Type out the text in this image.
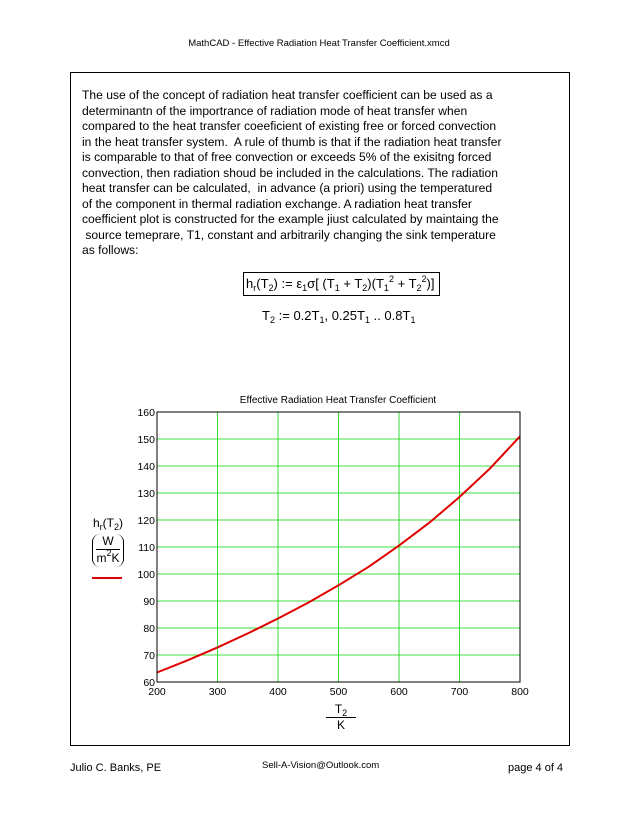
MathCAD - Effective Radiation Heat Transfer Coefficient.xmcd

The use of the concept of radiation heat transfer coefficient can be used as a
determinantn of the importrance of radiation mode of heat transfer when
compared to the heat transfer coeeficient of existing free or forced convection
in the heat transfer system.  A rule of thumb is that if the radiation heat transfer
is comparable to that of free convection or exceeds 5% of the exisitng forced
convection, then radiation shoud be included in the calculations. The radiation
heat transfer can be calculated,  in advance (a priori) using the temperatured
of the component in thermal radiation exchange. A radiation heat transfer
coefficient plot is constructed for the example jiust calculated by maintaing the
source temeprare, T1, constant and arbitrarily changing the sink temperature
as follows:

$h_r(T_2)$ := $\varepsilon_1\sigma$[ $(T_1 + T_2)(T_1^2 + T_2^2)$]
$T_2$ := $0.2T_1$, $0.25T_1$ .. $0.8T_1$
Effective Radiation Heat Transfer Coefficient
200	300	400	500	600	700	800
60
70
80
90
100
110
120
130
140
150
160
$h_r(T_2)$
$\frac{W}{m^2K}$
$T_2$
K
Julio C. Banks, PE	Sell-A-Vision@Outlook.com	page 4 of 4
